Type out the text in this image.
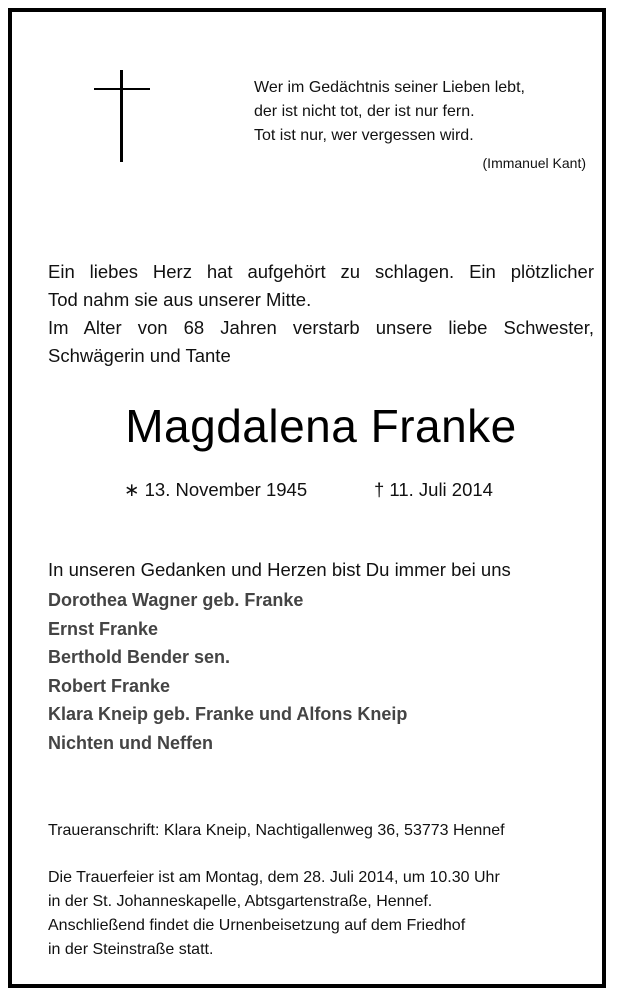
Wer im Gedächtnis seiner Lieben lebt,
der ist nicht tot, der ist nur fern.
Tot ist nur, wer vergessen wird.
(Immanuel Kant)
Ein liebes Herz hat aufgehört zu schlagen. Ein plötzlicher
Tod nahm sie aus unserer Mitte.
Im Alter von 68 Jahren verstarb unsere liebe Schwester,
Schwägerin und Tante
Magdalena Franke
∗ 13. November 1945	† 11. Juli 2014
In unseren Gedanken und Herzen bist Du immer bei uns
Dorothea Wagner geb. Franke
Ernst Franke
Berthold Bender sen.
Robert Franke
Klara Kneip geb. Franke und Alfons Kneip
Nichten und Neffen
Traueranschrift: Klara Kneip, Nachtigallenweg 36, 53773 Hennef
Die Trauerfeier ist am Montag, dem 28. Juli 2014, um 10.30 Uhr
in der St. Johanneskapelle, Abtsgartenstraße, Hennef.
Anschließend findet die Urnenbeisetzung auf dem Friedhof
in der Steinstraße statt.
